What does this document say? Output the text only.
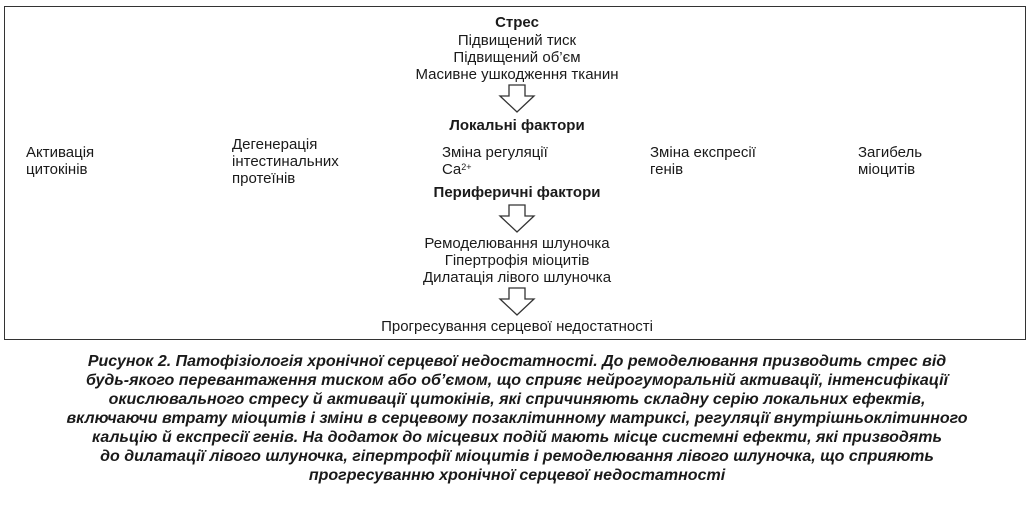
Стрес
Підвищений тиск
Підвищений об’єм
Масивне ушкодження тканин
Локальні фактори
Активація
цитокінів
Дегенерація
інтестинальних
протеїнів
Зміна регуляції
$Ca^{2+}$
Зміна експресії
генів
Загибель
міоцитів
Периферичні фактори
Ремоделювання шлуночка
Гіпертрофія міоцитів
Дилатація лівого шлуночка
Прогресування серцевої недостатності
Рисунок 2. Патофізіологія хронічної серцевої недостатності. До ремоделювання призводить стрес від
будь-якого перевантаження тиском або об’ємом, що сприяє нейрогуморальній активації, інтенсифікації
окислювального стресу й активації цитокінів, які спричиняють складну серію локальних ефектів,
включаючи втрату міоцитів і зміни в серцевому позаклітинному матриксі, регуляції внутрішньоклітинного
кальцію й експресії генів. На додаток до місцевих подій мають місце системні ефекти, які призводять
до дилатації лівого шлуночка, гіпертрофії міоцитів і ремоделювання лівого шлуночка, що сприяють
прогресуванню хронічної серцевої недостатності
